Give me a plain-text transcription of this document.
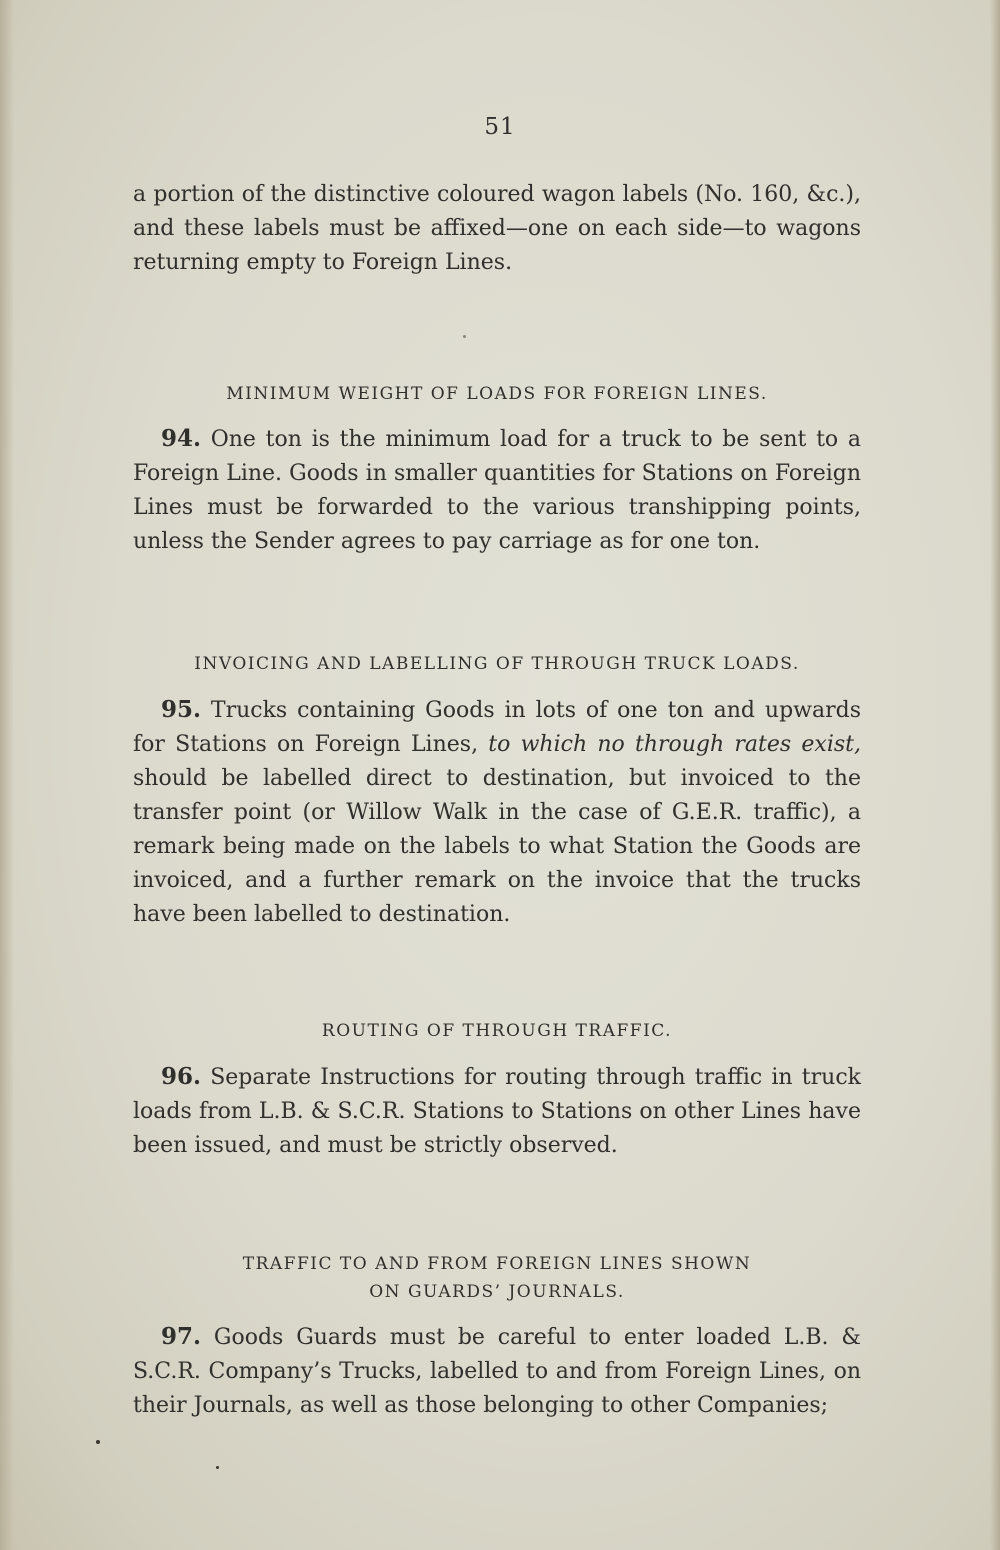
51

a portion of the distinctive coloured wagon labels (No. 160, &c.), and these labels must be affixed—one on each side—to wagons returning empty to Foreign Lines.

MINIMUM WEIGHT OF LOADS FOR FOREIGN LINES.

94. One ton is the minimum load for a truck to be sent to a Foreign Line. Goods in smaller quantities for Stations on Foreign Lines must be forwarded to the various transhipping points, unless the Sender agrees to pay carriage as for one ton.

INVOICING AND LABELLING OF THROUGH TRUCK LOADS.

95. Trucks containing Goods in lots of one ton and upwards for Stations on Foreign Lines, to which no through rates exist, should be labelled direct to destination, but invoiced to the transfer point (or Willow Walk in the case of G.E.R. traffic), a remark being made on the labels to what Station the Goods are invoiced, and a further remark on the invoice that the trucks have been labelled to destination.

ROUTING OF THROUGH TRAFFIC.

96. Separate Instructions for routing through traffic in truck loads from L.B. & S.C.R. Stations to Stations on other Lines have been issued, and must be strictly observed.

TRAFFIC TO AND FROM FOREIGN LINES SHOWN
ON GUARDS’ JOURNALS.

97. Goods Guards must be careful to enter loaded L.B. & S.C.R. Company’s Trucks, labelled to and from Foreign Lines, on their Journals, as well as those belonging to other Companies;
